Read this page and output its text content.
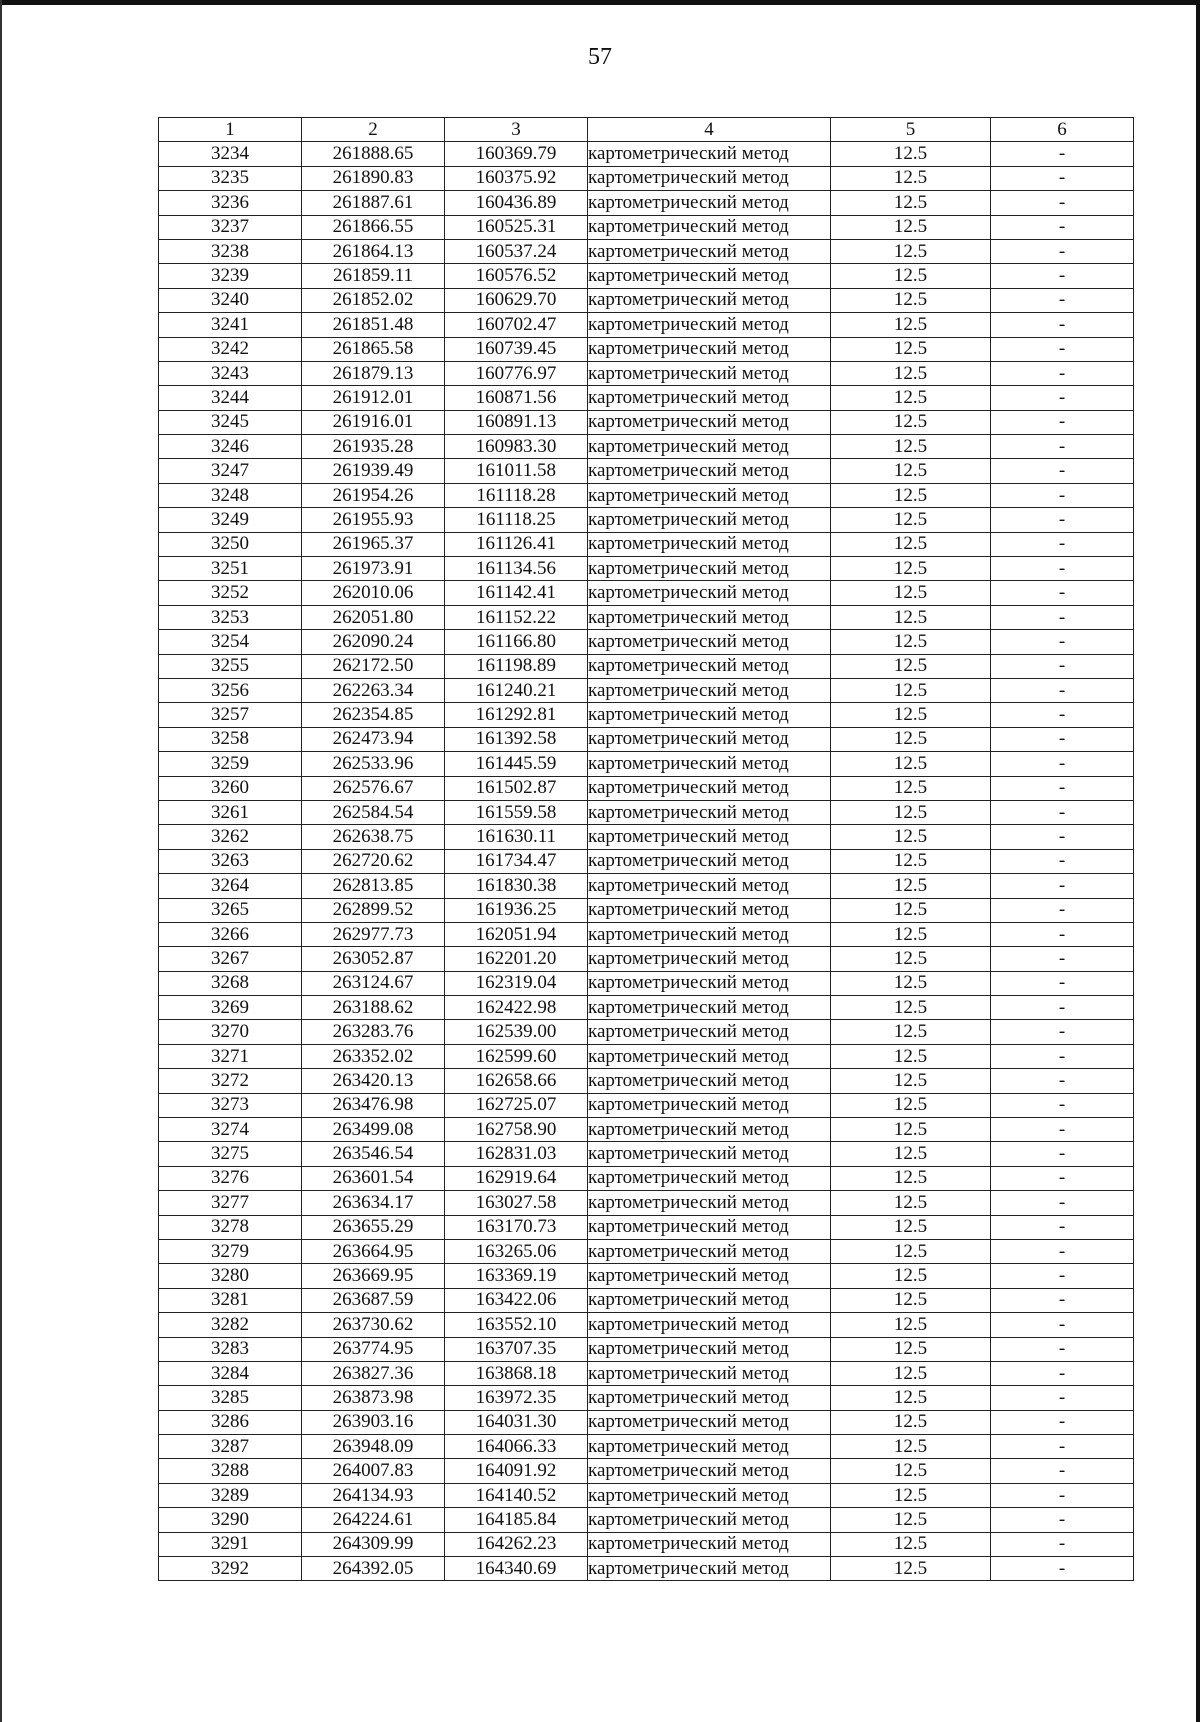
57
1	2	3	4	5	6
3234	261888.65	160369.79	картометрический метод	12.5	-
3235	261890.83	160375.92	картометрический метод	12.5	-
3236	261887.61	160436.89	картометрический метод	12.5	-
3237	261866.55	160525.31	картометрический метод	12.5	-
3238	261864.13	160537.24	картометрический метод	12.5	-
3239	261859.11	160576.52	картометрический метод	12.5	-
3240	261852.02	160629.70	картометрический метод	12.5	-
3241	261851.48	160702.47	картометрический метод	12.5	-
3242	261865.58	160739.45	картометрический метод	12.5	-
3243	261879.13	160776.97	картометрический метод	12.5	-
3244	261912.01	160871.56	картометрический метод	12.5	-
3245	261916.01	160891.13	картометрический метод	12.5	-
3246	261935.28	160983.30	картометрический метод	12.5	-
3247	261939.49	161011.58	картометрический метод	12.5	-
3248	261954.26	161118.28	картометрический метод	12.5	-
3249	261955.93	161118.25	картометрический метод	12.5	-
3250	261965.37	161126.41	картометрический метод	12.5	-
3251	261973.91	161134.56	картометрический метод	12.5	-
3252	262010.06	161142.41	картометрический метод	12.5	-
3253	262051.80	161152.22	картометрический метод	12.5	-
3254	262090.24	161166.80	картометрический метод	12.5	-
3255	262172.50	161198.89	картометрический метод	12.5	-
3256	262263.34	161240.21	картометрический метод	12.5	-
3257	262354.85	161292.81	картометрический метод	12.5	-
3258	262473.94	161392.58	картометрический метод	12.5	-
3259	262533.96	161445.59	картометрический метод	12.5	-
3260	262576.67	161502.87	картометрический метод	12.5	-
3261	262584.54	161559.58	картометрический метод	12.5	-
3262	262638.75	161630.11	картометрический метод	12.5	-
3263	262720.62	161734.47	картометрический метод	12.5	-
3264	262813.85	161830.38	картометрический метод	12.5	-
3265	262899.52	161936.25	картометрический метод	12.5	-
3266	262977.73	162051.94	картометрический метод	12.5	-
3267	263052.87	162201.20	картометрический метод	12.5	-
3268	263124.67	162319.04	картометрический метод	12.5	-
3269	263188.62	162422.98	картометрический метод	12.5	-
3270	263283.76	162539.00	картометрический метод	12.5	-
3271	263352.02	162599.60	картометрический метод	12.5	-
3272	263420.13	162658.66	картометрический метод	12.5	-
3273	263476.98	162725.07	картометрический метод	12.5	-
3274	263499.08	162758.90	картометрический метод	12.5	-
3275	263546.54	162831.03	картометрический метод	12.5	-
3276	263601.54	162919.64	картометрический метод	12.5	-
3277	263634.17	163027.58	картометрический метод	12.5	-
3278	263655.29	163170.73	картометрический метод	12.5	-
3279	263664.95	163265.06	картометрический метод	12.5	-
3280	263669.95	163369.19	картометрический метод	12.5	-
3281	263687.59	163422.06	картометрический метод	12.5	-
3282	263730.62	163552.10	картометрический метод	12.5	-
3283	263774.95	163707.35	картометрический метод	12.5	-
3284	263827.36	163868.18	картометрический метод	12.5	-
3285	263873.98	163972.35	картометрический метод	12.5	-
3286	263903.16	164031.30	картометрический метод	12.5	-
3287	263948.09	164066.33	картометрический метод	12.5	-
3288	264007.83	164091.92	картометрический метод	12.5	-
3289	264134.93	164140.52	картометрический метод	12.5	-
3290	264224.61	164185.84	картометрический метод	12.5	-
3291	264309.99	164262.23	картометрический метод	12.5	-
3292	264392.05	164340.69	картометрический метод	12.5	-
